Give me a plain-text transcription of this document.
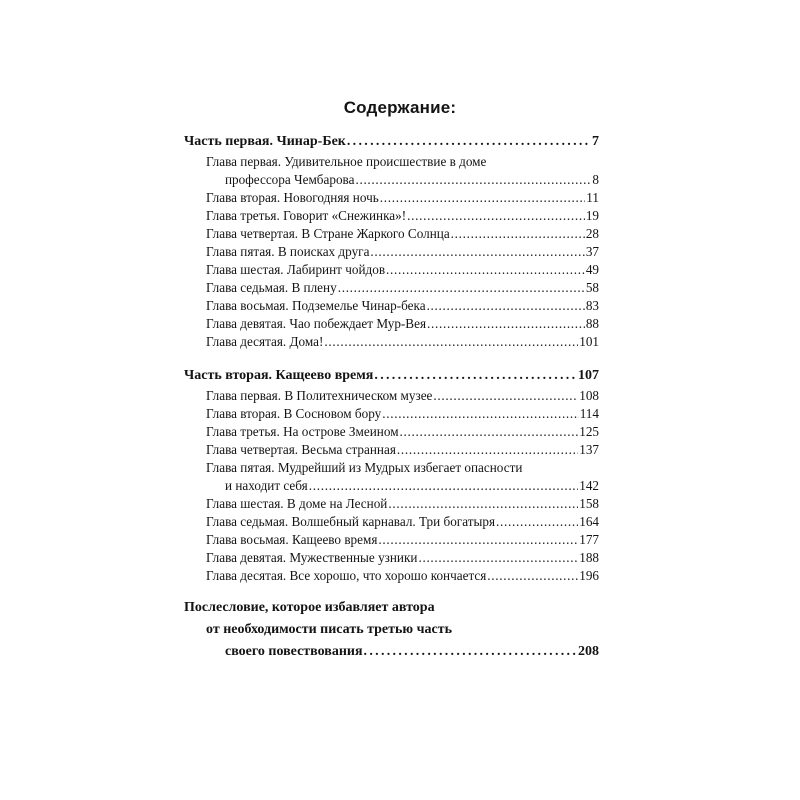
Содержание:
Часть первая. Чинар-Бек . . .	7
Глава первая. Удивительное происшествие в доме
профессора Чембарова . . .	8
Глава вторая. Новогодняя ночь . . .	11
Глава третья. Говорит «Снежинка»! . . .	19
Глава четвертая. В Стране Жаркого Солнца . . .	28
Глава пятая. В поисках друга . . .	37
Глава шестая. Лабиринт чойдов . . .	49
Глава седьмая. В плену . . .	58
Глава восьмая. Подземелье Чинар-бека . . .	83
Глава девятая. Чао побеждает Мур-Вея . . .	88
Глава десятая. Дома! . . .	101
Часть вторая. Кащеево время . . .	107
Глава первая. В Политехническом музее . . .	108
Глава вторая. В Сосновом бору . . .	114
Глава третья. На острове Змеином . . .	125
Глава четвертая. Весьма странная . . .	137
Глава пятая. Мудрейший из Мудрых избегает опасности
и находит себя . . .	142
Глава шестая. В доме на Лесной . . .	158
Глава седьмая. Волшебный карнавал. Три богатыря . . .	164
Глава восьмая. Кащеево время . . .	177
Глава девятая. Мужественные узники . . .	188
Глава десятая. Все хорошо, что хорошо кончается . . .	196
Послесловие, которое избавляет автора
от необходимости писать третью часть
своего повествования . . .	208
